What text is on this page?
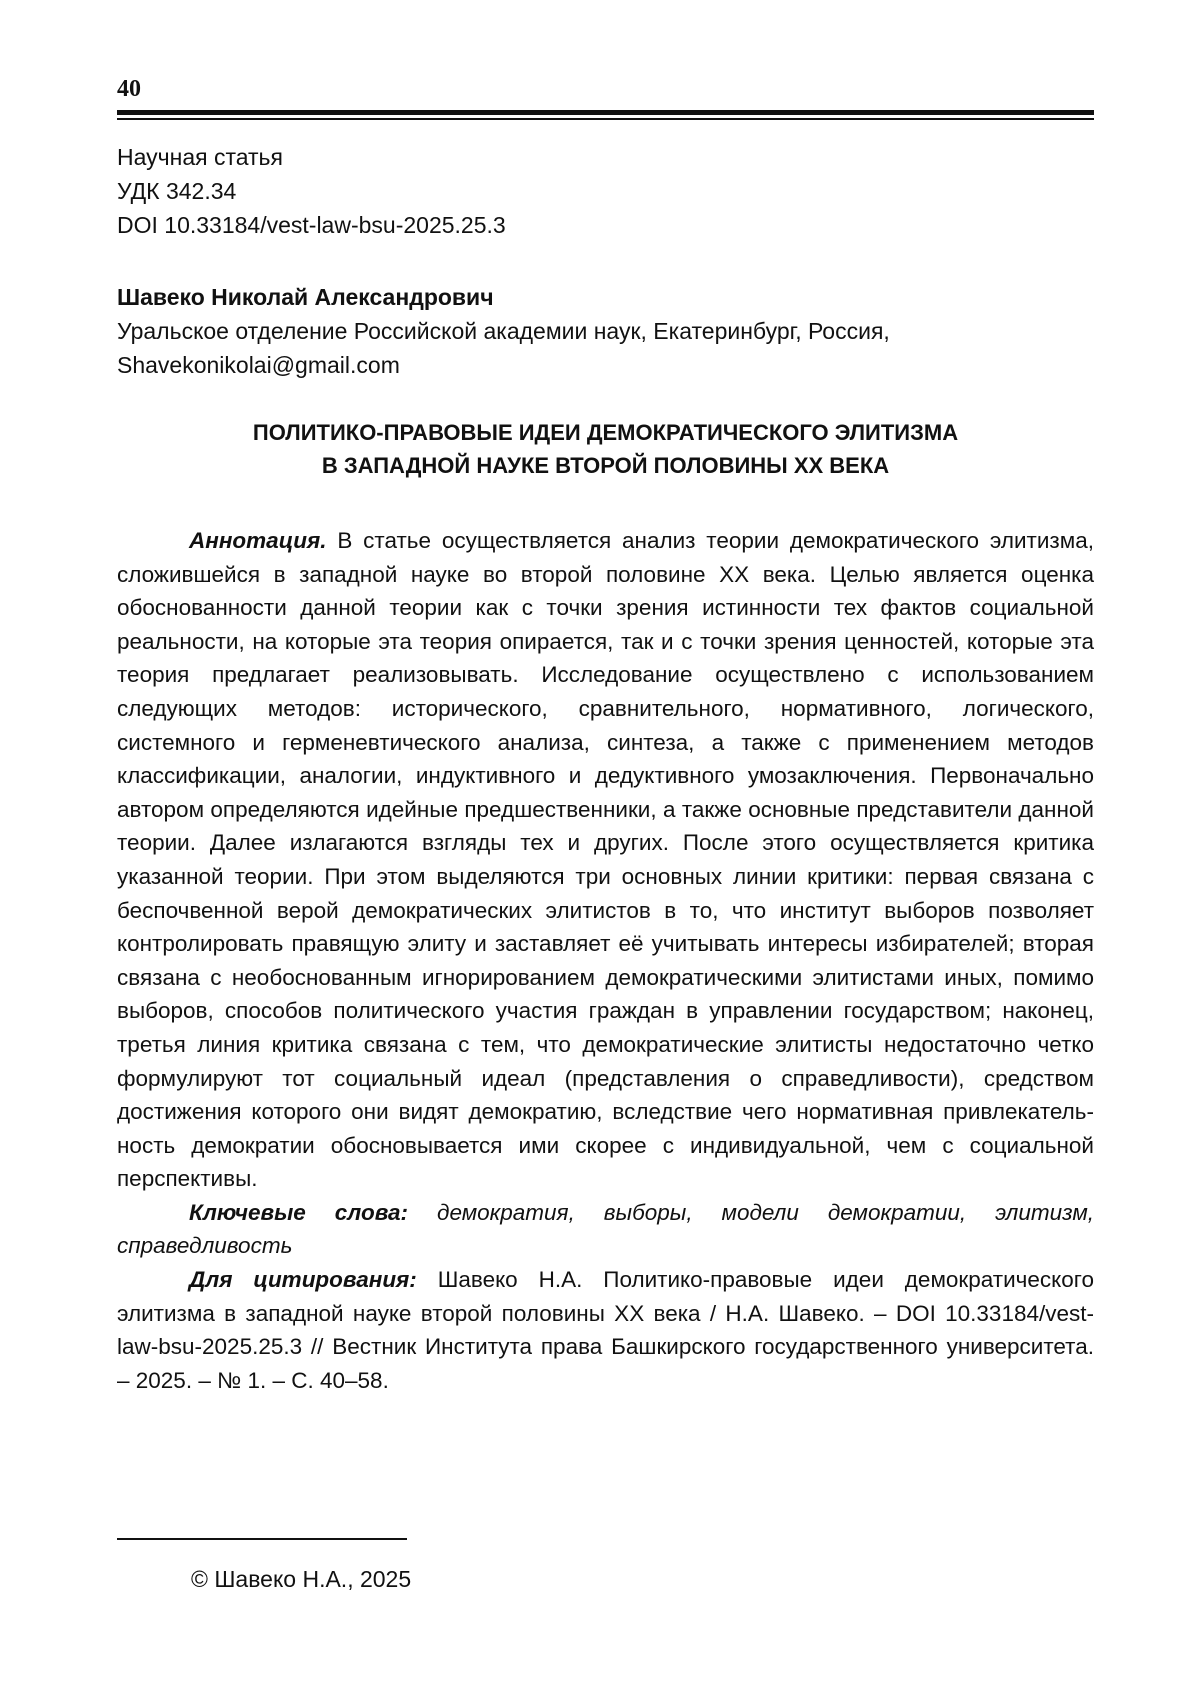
40
Научная статья
УДК 342.34
DOI 10.33184/vest-law-bsu-2025.25.3
Шавеко Николай Александрович
Уральское отделение Российской академии наук, Екатеринбург, Россия,
Shavekonikolai@gmail.com
ПОЛИТИКО-ПРАВОВЫЕ ИДЕИ ДЕМОКРАТИЧЕСКОГО ЭЛИТИЗМА
В ЗАПАДНОЙ НАУКЕ ВТОРОЙ ПОЛОВИНЫ XX ВЕКА

Аннотация. В статье осуществляется анализ теории демократического элитизма, сложившейся в западной науке во второй половине XX века. Целью является оценка обоснованности данной теории как с точки зрения истинности тех фактов социальной реальности, на которые эта теория опирается, так и с точки зрения ценностей, которые эта теория предлагает реализовывать. Исследование осуществлено с использованием следующих методов: исторического, сравнительного, нормативного, логического, системного и герменевтического анализа, синтеза, а также с применением методов классификации, аналогии, индуктивного и дедуктивного умозаключения. Первоначально автором определяются идейные предшественники, а также основные представители данной теории. Далее излагаются взгляды тех и других. После этого осуществляется критика указанной теории. При этом выделяются три основных линии критики: первая связана с беспочвенной верой демократических элитистов в то, что институт выборов позволяет контролировать правящую элиту и заставляет её учитывать интересы избирателей; вторая связана с необоснованным игнорированием демократическими элитистами иных, помимо выборов, способов политического участия граждан в управлении государством; наконец, третья линия критика связана с тем, что демократические элитисты недостаточно четко формулируют тот социальный идеал (представления о справедливости), средством достижения которого они видят демократию, вследствие чего нормативная привлекательность демократии обосновывается ими скорее с индивидуальной, чем с социальной перспективы.

Ключевые слова: демократия, выборы, модели демократии, элитизм, справедливость

Для цитирования: Шавеко Н.А. Политико-правовые идеи демократического элитизма в западной науке второй половины XX века / Н.А. Шавеко. – DOI 10.33184/vest-law-bsu-2025.25.3 // Вестник Института права Башкирского государственного университета. – 2025. – № 1. – С. 40–58.

© Шавеко Н.А., 2025
